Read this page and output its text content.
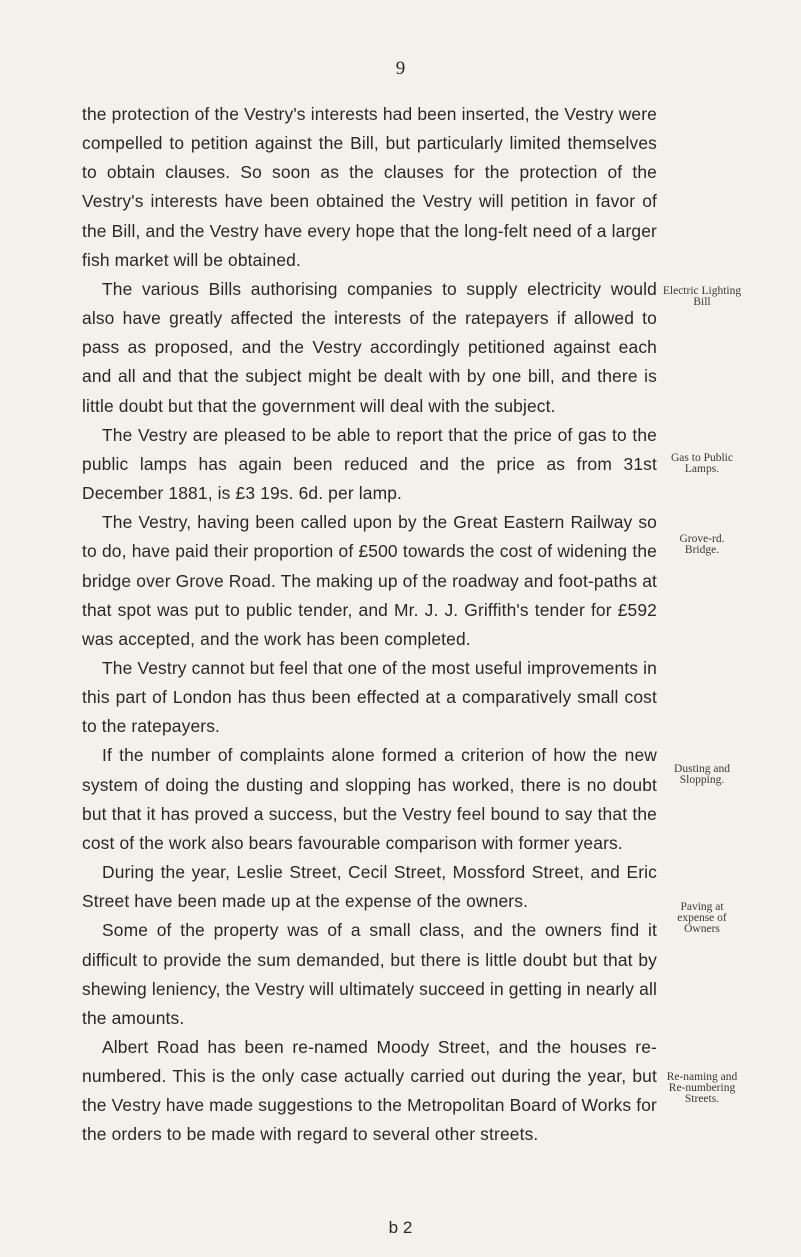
9

the protection of the Vestry's interests had been inserted, the Vestry were compelled to petition against the Bill, but particularly limited themselves to obtain clauses. So soon as the clauses for the protection of the Vestry's interests have been obtained the Vestry will petition in favor of the Bill, and the Vestry have every hope that the long-felt need of a larger fish market will be obtained.

The various Bills authorising companies to supply electricity would also have greatly affected the interests of the ratepayers if allowed to pass as proposed, and the Vestry accordingly petitioned against each and all and that the subject might be dealt with by one bill, and there is little doubt but that the government will deal with the subject.

The Vestry are pleased to be able to report that the price of gas to the public lamps has again been reduced and the price as from 31st December 1881, is £3 19s. 6d. per lamp.

The Vestry, having been called upon by the Great Eastern Railway so to do, have paid their proportion of £500 towards the cost of widening the bridge over Grove Road. The making up of the roadway and foot-paths at that spot was put to public tender, and Mr. J. J. Griffith's tender for £592 was accepted, and the work has been completed.

The Vestry cannot but feel that one of the most useful improvements in this part of London has thus been effected at a comparatively small cost to the ratepayers.

If the number of complaints alone formed a criterion of how the new system of doing the dusting and slopping has worked, there is no doubt but that it has proved a success, but the Vestry feel bound to say that the cost of the work also bears favourable comparison with former years.

During the year, Leslie Street, Cecil Street, Mossford Street, and Eric Street have been made up at the expense of the owners.

Some of the property was of a small class, and the owners find it difficult to provide the sum demanded, but there is little doubt but that by shewing leniency, the Vestry will ultimately succeed in getting in nearly all the amounts.

Albert Road has been re-named Moody Street, and the houses re-numbered. This is the only case actually carried out during the year, but the Vestry have made suggestions to the Metropolitan Board of Works for the orders to be made with regard to several other streets.

Electric Lighting Bill
Gas to Public Lamps.
Grove-rd. Bridge.
Dusting and Slopping.
Paving at expense of Owners
Re-naming and Re-numbering Streets.
b 2
